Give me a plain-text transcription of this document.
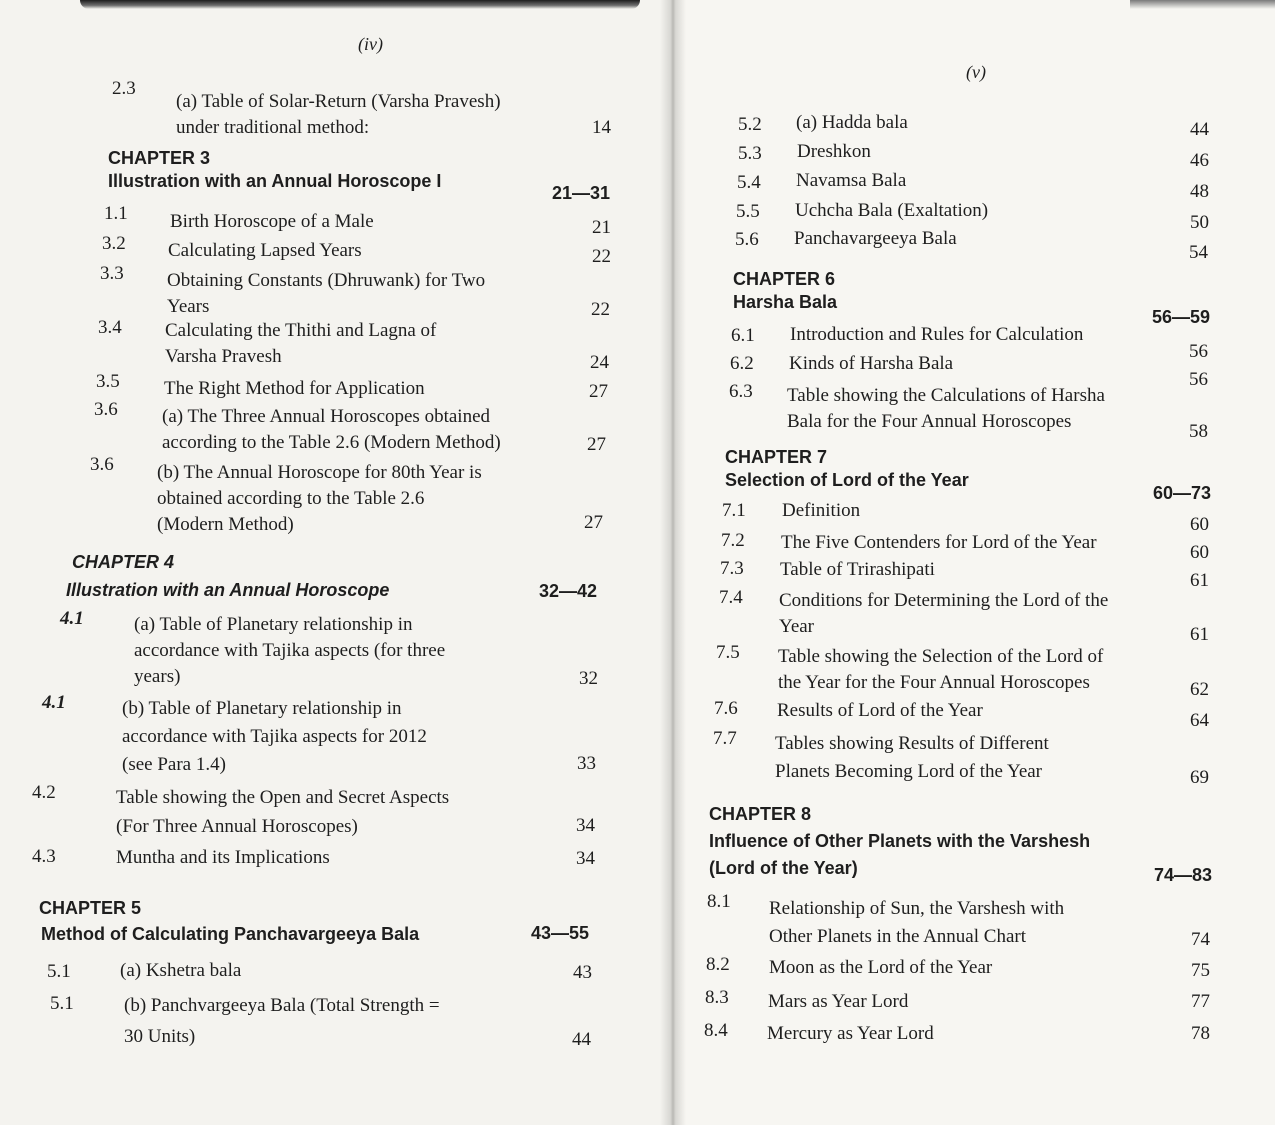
(iv)
2.3
(a) Table of Solar-Return (Varsha Pravesh)
under traditional method:	14
CHAPTER 3
Illustration with an Annual Horoscope I
21—31
1.1 Birth Horoscope of a Male	21
3.2 Calculating Lapsed Years	22
3.3 Obtaining Constants (Dhruwank) for Two
Years	22
3.4 Calculating the Thithi and Lagna of
Varsha Pravesh	24
3.5 The Right Method for Application	27
3.6 (a) The Three Annual Horoscopes obtained
according to the Table 2.6 (Modern Method)	27
3.6 (b) The Annual Horoscope for 80th Year is
obtained according to the Table 2.6
(Modern Method)	27
CHAPTER 4
Illustration with an Annual Horoscope	32—42
4.1	(a) Table of Planetary relationship in
accordance with Tajika aspects (for three
years)	32
4.1	(b) Table of Planetary relationship in
accordance with Tajika aspects for 2012
(see Para 1.4)	33
4.2	Table showing the Open and Secret Aspects
(For Three Annual Horoscopes)	34
4.3	Muntha and its Implications	34
CHAPTER 5
Method of Calculating Panchavargeeya Bala	43—55
5.1	(a) Kshetra bala	43
5.1	(b) Panchvargeeya Bala (Total Strength =
30 Units)	44
(v)
5.2 (a) Hadda bala	44
5.3 Dreshkon	46
5.4 Navamsa Bala
48
5.5 Uchcha Bala (Exaltation)
50
5.6 Panchavargeeya Bala
54
CHAPTER 6
Harsha Bala
56—59
6.1 Introduction and Rules for Calculation
56
6.2 Kinds of Harsha Bala
56
6.3 Table showing the Calculations of Harsha
Bala for the Four Annual Horoscopes	58
CHAPTER 7
Selection of Lord of the Year
60—73
7.1 Definition
60
7.2 The Five Contenders for Lord of the Year	60
7.3 Table of Trirashipati
61
7.4 Conditions for Determining the Lord of the
Year	61
7.5 Table showing the Selection of the Lord of
the Year for the Four Annual Horoscopes	62
7.6 Results of Lord of the Year	64
7.7 Tables showing Results of Different
Planets Becoming Lord of the Year	69
CHAPTER 8
Influence of Other Planets with the Varshesh
(Lord of the Year)	74—83
8.1 Relationship of Sun, the Varshesh with
Other Planets in the Annual Chart	74
8.2 Moon as the Lord of the Year	75
8.3 Mars as Year Lord	77
8.4 Mercury as Year Lord	78
